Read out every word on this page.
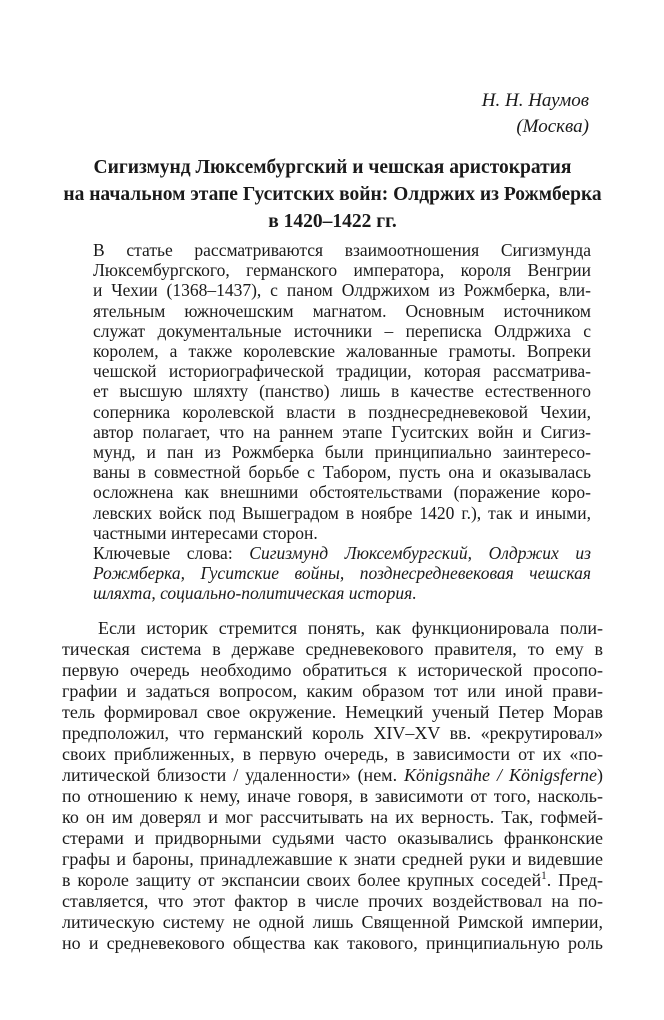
Н. Н. Наумов
(Москва)
Сигизмунд Люксембургский и чешская аристократия
на начальном этапе Гуситских войн: Олдржих из Рожмберка
в 1420–1422 гг.
В статье рассматриваются взаимоотношения Сигизмунда
Люксембургского, германского императора, короля Венгрии
и Чехии (1368–1437), с паном Олдржихом из Рожмберка, вли-
ятельным южночешским магнатом. Основным источником
служат документальные источники – переписка Олдржиха с
королем, а также королевские жалованные грамоты. Вопреки
чешской историографической традиции, которая рассматрива-
ет высшую шляхту (панство) лишь в качестве естественного
соперника королевской власти в позднесредневековой Чехии,
автор полагает, что на раннем этапе Гуситских войн и Сигиз-
мунд, и пан из Рожмберка были принципиально заинтересо-
ваны в совместной борьбе с Табором, пусть она и оказывалась
осложнена как внешними обстоятельствами (поражение коро-
левских войск под Вышеградом в ноябре 1420 г.), так и иными,
частными интересами сторон.
Ключевые слова: Сигизмунд Люксембургский, Олдржих из
Рожмберка, Гуситские войны, позднесредневековая чешская
шляхта, социально-политическая история.
Если историк стремится понять, как функционировала поли-
тическая система в державе средневекового правителя, то ему в
первую очередь необходимо обратиться к исторической просопо-
графии и задаться вопросом, каким образом тот или иной прави-
тель формировал свое окружение. Немецкий ученый Петер Морав
предположил, что германский король XIV–XV вв. «рекрутировал»
своих приближенных, в первую очередь, в зависимости от их «по-
литической близости / удаленности» (нем. Königsnähe / Königsferne)
по отношению к нему, иначе говоря, в зависимоти от того, насколь-
ко он им доверял и мог рассчитывать на их верность. Так, гофмей-
стерами и придворными судьями часто оказывались франконские
графы и бароны, принадлежавшие к знати средней руки и видевшие
в короле защиту от экспансии своих более крупных соседей$^1$. Пред-
ставляется, что этот фактор в числе прочих воздействовал на по-
литическую систему не одной лишь Священной Римской империи,
но и средневекового общества как такового, принципиальную роль
